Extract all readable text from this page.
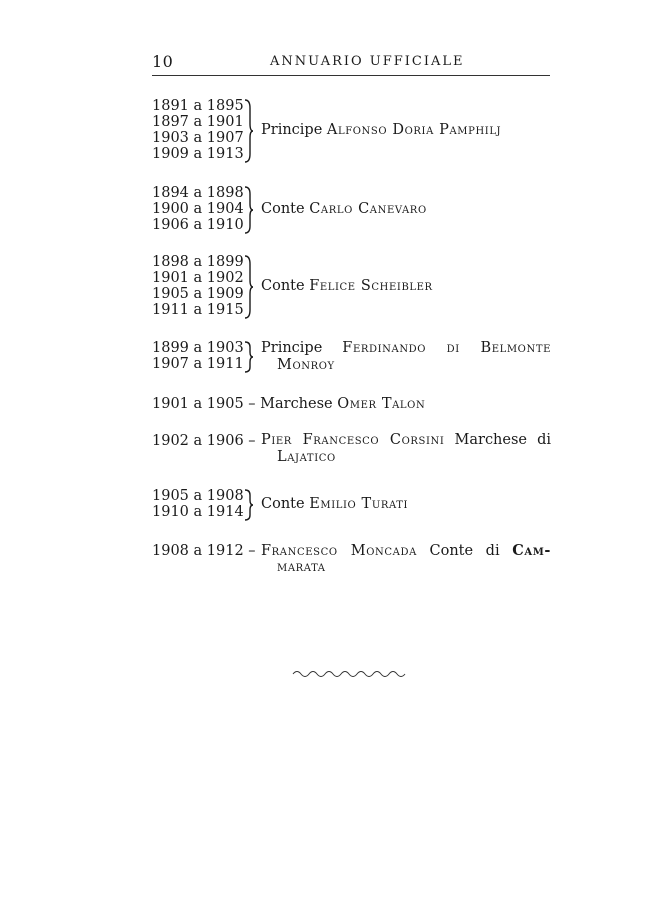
10	ANNUARIO UFFICIALE
1891 a 1895
1897 a 1901
1903 a 1907
1909 a 1913
Principe Alfonso Doria Pamphilj
1894 a 1898
1900 a 1904
1906 a 1910
Conte Carlo Canevaro
1898 a 1899
1901 a 1902
1905 a 1909
1911 a 1915
Conte Felice Scheibler
1899 a 1903
1907 a 1911
Principe Ferdinando di Belmonte
Monroy
1901 a 1905 – Marchese Omer Talon
1902 a 1906 – Pier Francesco Corsini Marchese di
Lajatico
1905 a 1908
1910 a 1914 Conte Emilio Turati
1908 a 1912 – Francesco Moncada Conte di Cam-
marata
